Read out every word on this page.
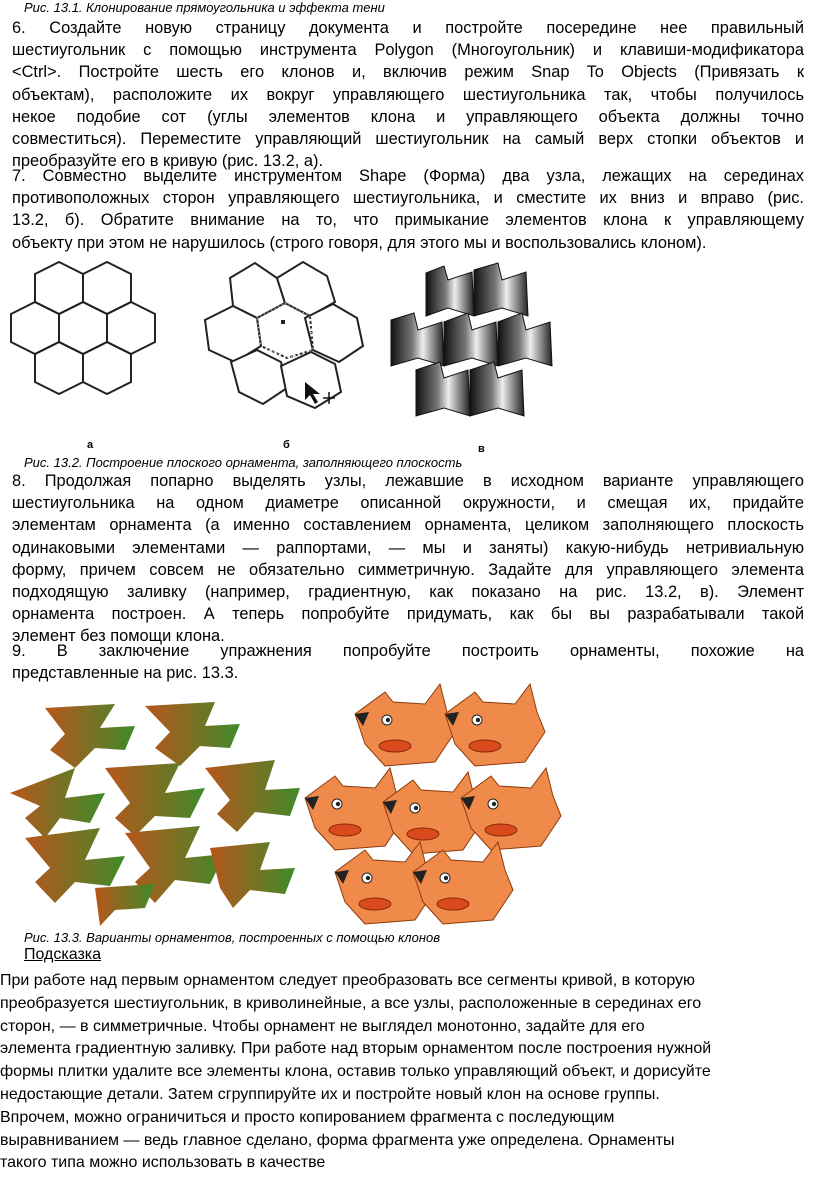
Рис. 13.1. Клонирование прямоугольника и эффекта тени
6. Создайте новую страницу документа и постройте посередине нее правильный
шестиугольник с помощью инструмента Polygon (Многоугольник) и клавиши-модификатора
<Ctrl>. Постройте шесть его клонов и, включив режим Snap To Objects (Привязать к
объектам), расположите их вокруг управляющего шестиугольника так, чтобы получилось
некое подобие сот (углы элементов клона и управляющего объекта должны точно
совместиться). Переместите управляющий шестиугольник на самый верх стопки объектов и
преобразуйте его в кривую (рис. 13.2, а).
7. Совместно выделите инструментом Shape (Форма) два узла, лежащих на серединах
противоположных сторон управляющего шестиугольника, и сместите их вниз и вправо (рис.
13.2, б). Обратите внимание на то, что примыкание элементов клона к управляющему
объекту при этом не нарушилось (строго говоря, для этого мы и воспользовались клоном).
а	б	в
Рис. 13.2. Построение плоского орнамента, заполняющего плоскость
8. Продолжая попарно выделять узлы, лежавшие в исходном варианте управляющего
шестиугольника на одном диаметре описанной окружности, и смещая их, придайте
элементам орнамента (а именно составлением орнамента, целиком заполняющего плоскость
одинаковыми элементами — раппортами, — мы и заняты) какую-нибудь нетривиальную
форму, причем совсем не обязательно симметричную. Задайте для управляющего элемента
подходящую заливку (например, градиентную, как показано на рис. 13.2, в). Элемент
орнамента построен. А теперь попробуйте придумать, как бы вы разрабатывали такой
элемент без помощи клона.
9. В заключение упражнения попробуйте построить орнаменты, похожие на
представленные на рис. 13.3.
Рис. 13.3. Варианты орнаментов, построенных с помощью клонов
Подсказка
При работе над первым орнаментом следует преобразовать все сегменты кривой, в которую
преобразуется шестиугольник, в криволинейные, а все узлы, расположенные в серединах его
сторон, — в симметричные. Чтобы орнамент не выглядел монотонно, задайте для его
элемента градиентную заливку. При работе над вторым орнаментом после построения нужной
формы плитки удалите все элементы клона, оставив только управляющий объект, и дорисуйте
недостающие детали. Затем сгруппируйте их и постройте новый клон на основе группы.
Впрочем, можно ограничиться и просто копированием фрагмента с последующим
выравниванием — ведь главное сделано, форма фрагмента уже определена. Орнаменты
такого типа можно использовать в качестве
